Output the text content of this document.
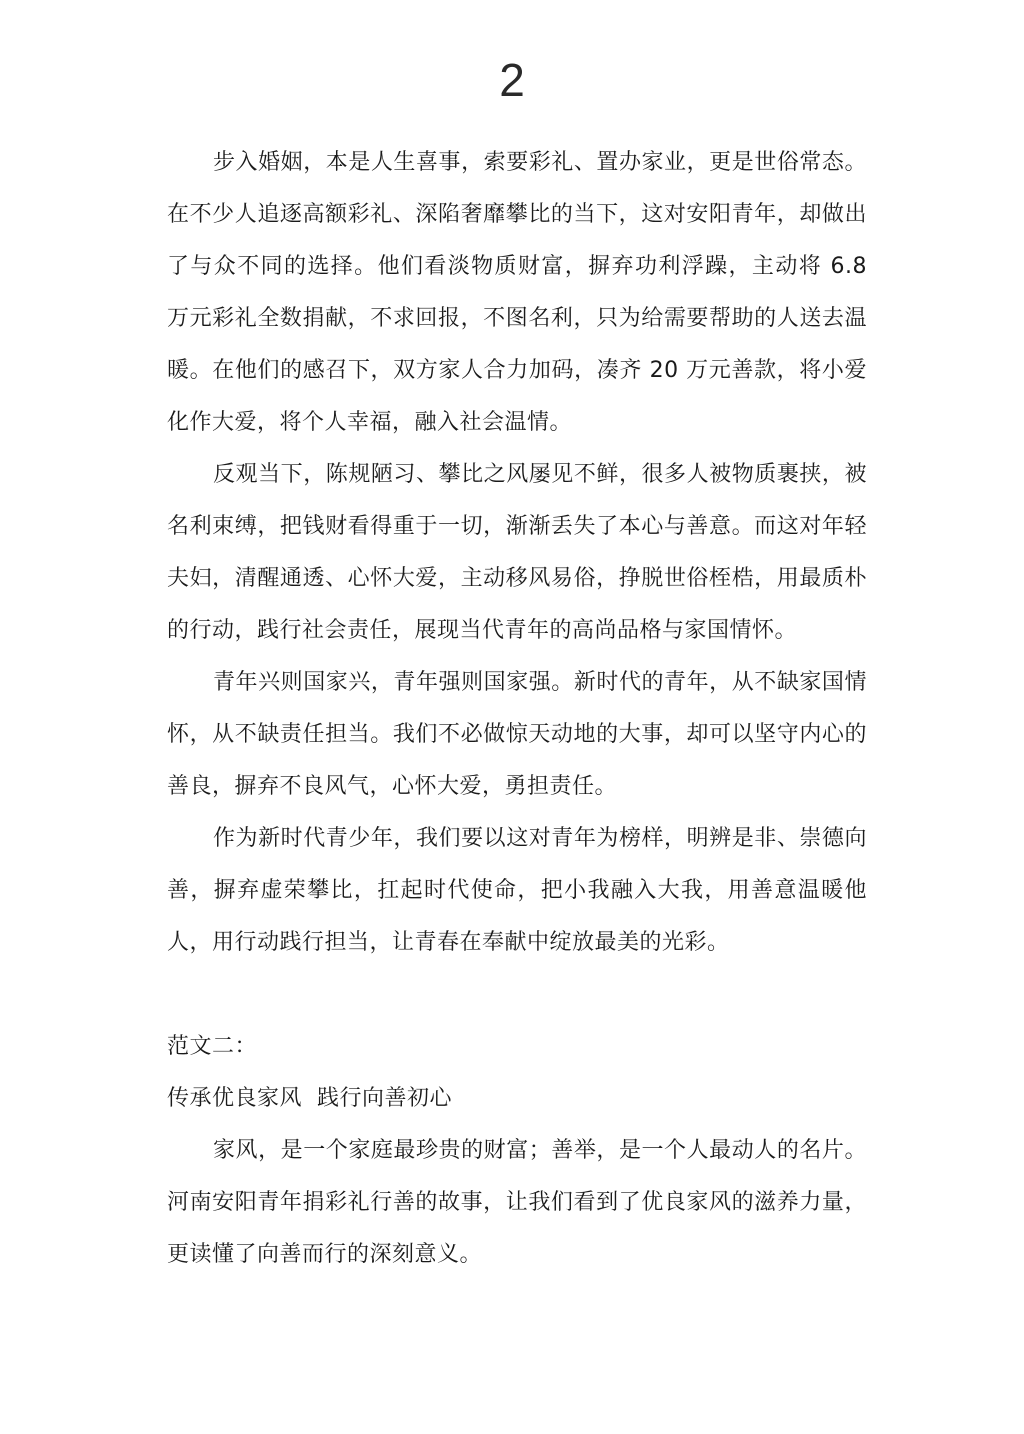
2

步入婚姻，本是人生喜事，索要彩礼、置办家业，更是世俗常态。在不少人追逐高额彩礼、深陷奢靡攀比的当下，这对安阳青年，却做出了与众不同的选择。他们看淡物质财富，摒弃功利浮躁，主动将 6.8 万元彩礼全数捐献，不求回报，不图名利，只为给需要帮助的人送去温暖。在他们的感召下，双方家人合力加码，凑齐 20 万元善款，将小爱化作大爱，将个人幸福，融入社会温情。

反观当下，陈规陋习、攀比之风屡见不鲜，很多人被物质裹挟，被名利束缚，把钱财看得重于一切，渐渐丢失了本心与善意。而这对年轻夫妇，清醒通透、心怀大爱，主动移风易俗，挣脱世俗桎梏，用最质朴的行动，践行社会责任，展现当代青年的高尚品格与家国情怀。

青年兴则国家兴，青年强则国家强。新时代的青年，从不缺家国情怀，从不缺责任担当。我们不必做惊天动地的大事，却可以坚守内心的善良，摒弃不良风气，心怀大爱，勇担责任。

作为新时代青少年，我们要以这对青年为榜样，明辨是非、崇德向善，摒弃虚荣攀比，扛起时代使命，把小我融入大我，用善意温暖他人，用行动践行担当，让青春在奉献中绽放最美的光彩。

范文二：

传承优良家风  践行向善初心

家风，是一个家庭最珍贵的财富；善举，是一个人最动人的名片。河南安阳青年捐彩礼行善的故事，让我们看到了优良家风的滋养力量，更读懂了向善而行的深刻意义。
